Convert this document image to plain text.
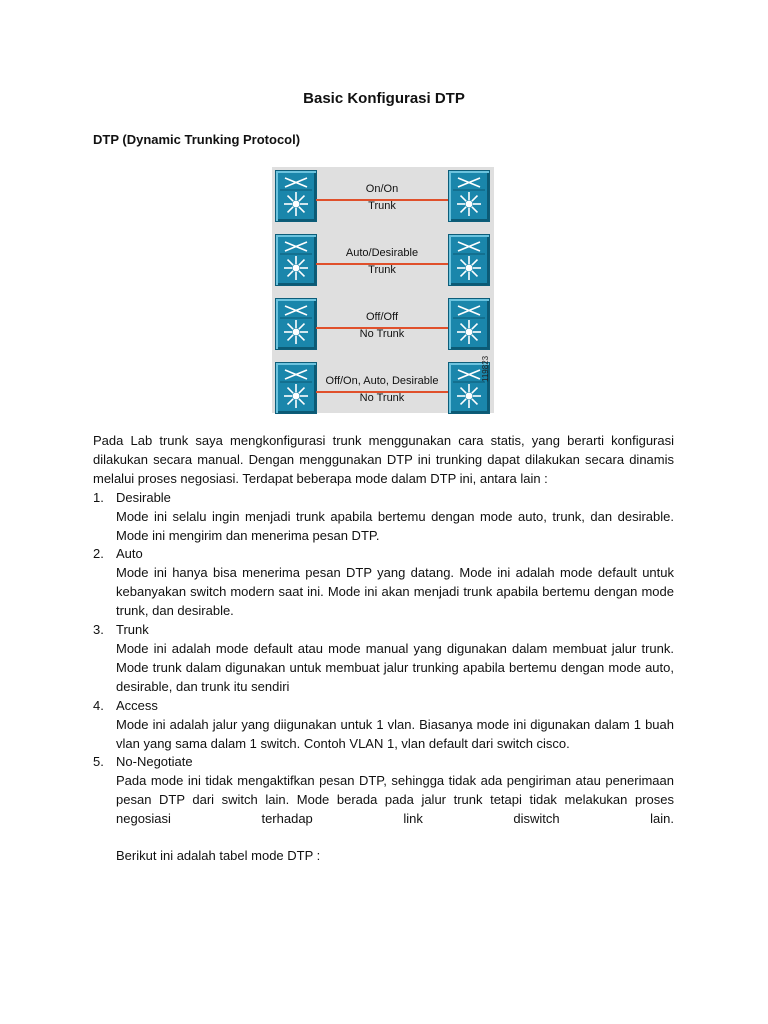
Basic Konfigurasi DTP
DTP (Dynamic Trunking Protocol)
On/On
Trunk
Auto/Desirable
Trunk
Off/Off
No Trunk
Off/On, Auto, Desirable
No Trunk
119823
Pada Lab trunk saya mengkonfigurasi trunk menggunakan cara statis, yang berarti konfigurasi dilakukan secara manual. Dengan menggunakan DTP ini trunking dapat dilakukan secara dinamis melalui proses negosiasi. Terdapat beberapa mode dalam DTP ini, antara lain :
1. Desirable
Mode ini selalu ingin menjadi trunk apabila bertemu dengan mode auto, trunk, dan desirable. Mode ini mengirim dan menerima pesan DTP.
2. Auto
Mode ini hanya bisa menerima pesan DTP yang datang. Mode ini adalah mode default untuk kebanyakan switch modern saat ini. Mode ini akan menjadi trunk apabila bertemu dengan mode trunk, dan desirable.
3. Trunk
Mode ini adalah mode default atau mode manual yang digunakan dalam membuat jalur trunk. Mode trunk dalam digunakan untuk membuat jalur trunking apabila bertemu dengan mode auto, desirable, dan trunk itu sendiri
4. Access
Mode ini adalah jalur yang diigunakan untuk 1 vlan. Biasanya mode ini digunakan dalam 1 buah vlan yang sama dalam 1 switch. Contoh VLAN 1, vlan default dari switch cisco.
5. No-Negotiate
Pada mode ini tidak mengaktifkan pesan DTP, sehingga tidak ada pengiriman atau penerimaan pesan DTP dari switch lain. Mode berada pada jalur trunk tetapi tidak melakukan proses negosiasi terhadap link diswitch lain.
Berikut ini adalah tabel mode DTP :
